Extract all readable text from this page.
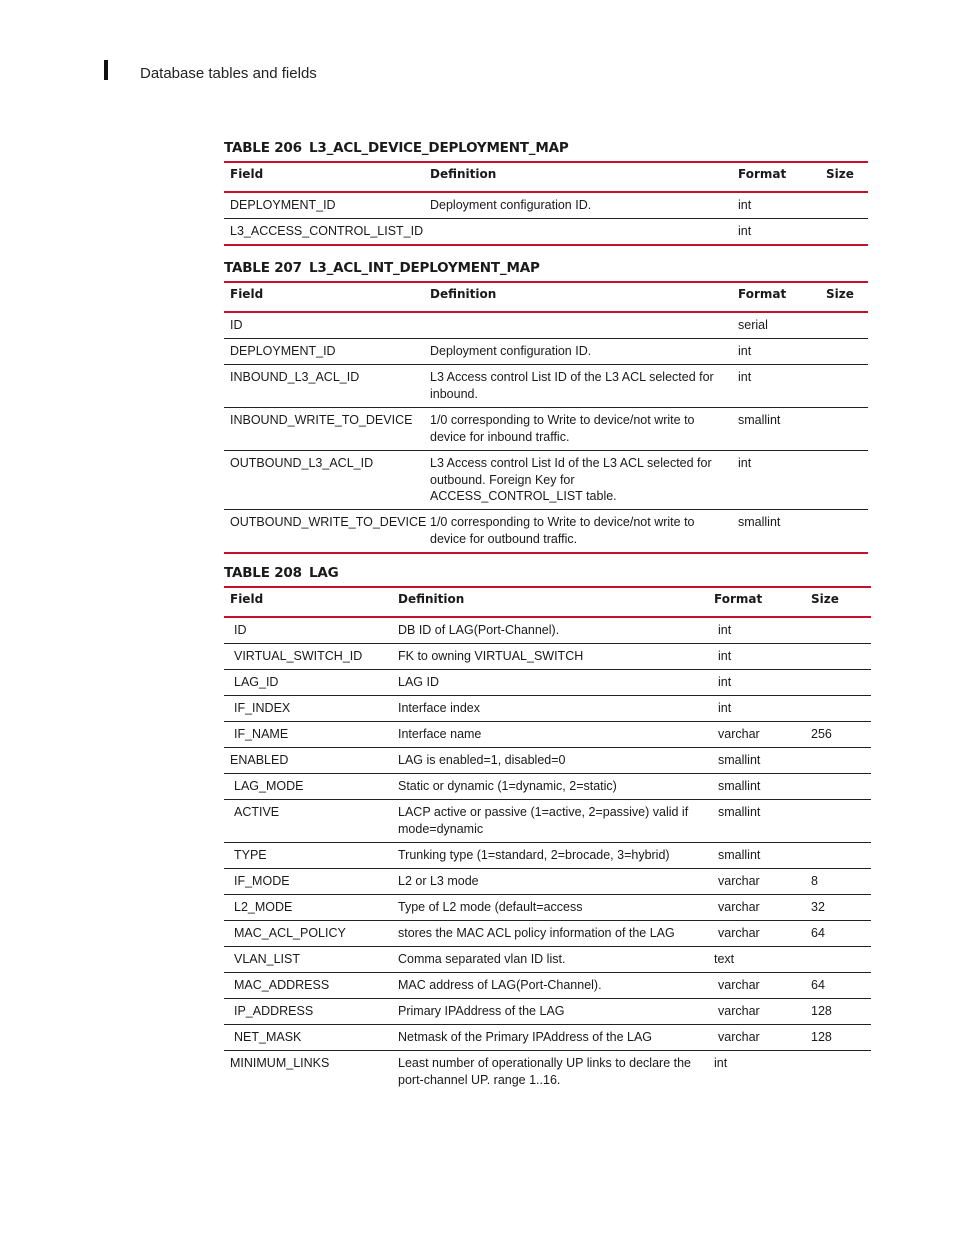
Database tables and fields
TABLE 206 L3_ACL_DEVICE_DEPLOYMENT_MAP
Field	Definition	Format	Size
DEPLOYMENT_ID	Deployment configuration ID.	int	
L3_ACCESS_CONTROL_LIST_ID		int	
TABLE 207 L3_ACL_INT_DEPLOYMENT_MAP
Field	Definition	Format	Size
ID		serial	
DEPLOYMENT_ID	Deployment configuration ID.	int	
INBOUND_L3_ACL_ID	L3 Access control List ID of the L3 ACL selected for inbound.	int	
INBOUND_WRITE_TO_DEVICE	1/0 corresponding to Write to device/not write to device for inbound traffic.	smallint	
OUTBOUND_L3_ACL_ID	L3 Access control List Id of the L3 ACL selected for outbound. Foreign Key for ACCESS_CONTROL_LIST table.	int	
OUTBOUND_WRITE_TO_DEVICE	1/0 corresponding to Write to device/not write to device for outbound traffic.	smallint	
TABLE 208 LAG
Field	Definition	Format	Size
ID	DB ID of LAG(Port-Channel).	int	
VIRTUAL_SWITCH_ID	FK to owning VIRTUAL_SWITCH	int	
LAG_ID	LAG ID	int	
IF_INDEX	Interface index	int	
IF_NAME	Interface name	varchar	256
ENABLED	LAG is enabled=1, disabled=0	smallint	
LAG_MODE	Static or dynamic (1=dynamic, 2=static)	smallint	
ACTIVE	LACP active or passive (1=active, 2=passive) valid if mode=dynamic	smallint	
TYPE	Trunking type (1=standard, 2=brocade, 3=hybrid)	smallint	
IF_MODE	L2 or L3 mode	varchar	8
L2_MODE	Type of L2 mode (default=access	varchar	32
MAC_ACL_POLICY	stores the MAC ACL policy information of the LAG	varchar	64
VLAN_LIST	Comma separated vlan ID list.	text	
MAC_ADDRESS	MAC address of LAG(Port-Channel).	varchar	64
IP_ADDRESS	Primary IPAddress of the LAG	varchar	128
NET_MASK	Netmask of the Primary IPAddress of the LAG	varchar	128
MINIMUM_LINKS	Least number of operationally UP links to declare the port-channel UP. range 1..16.	int	
